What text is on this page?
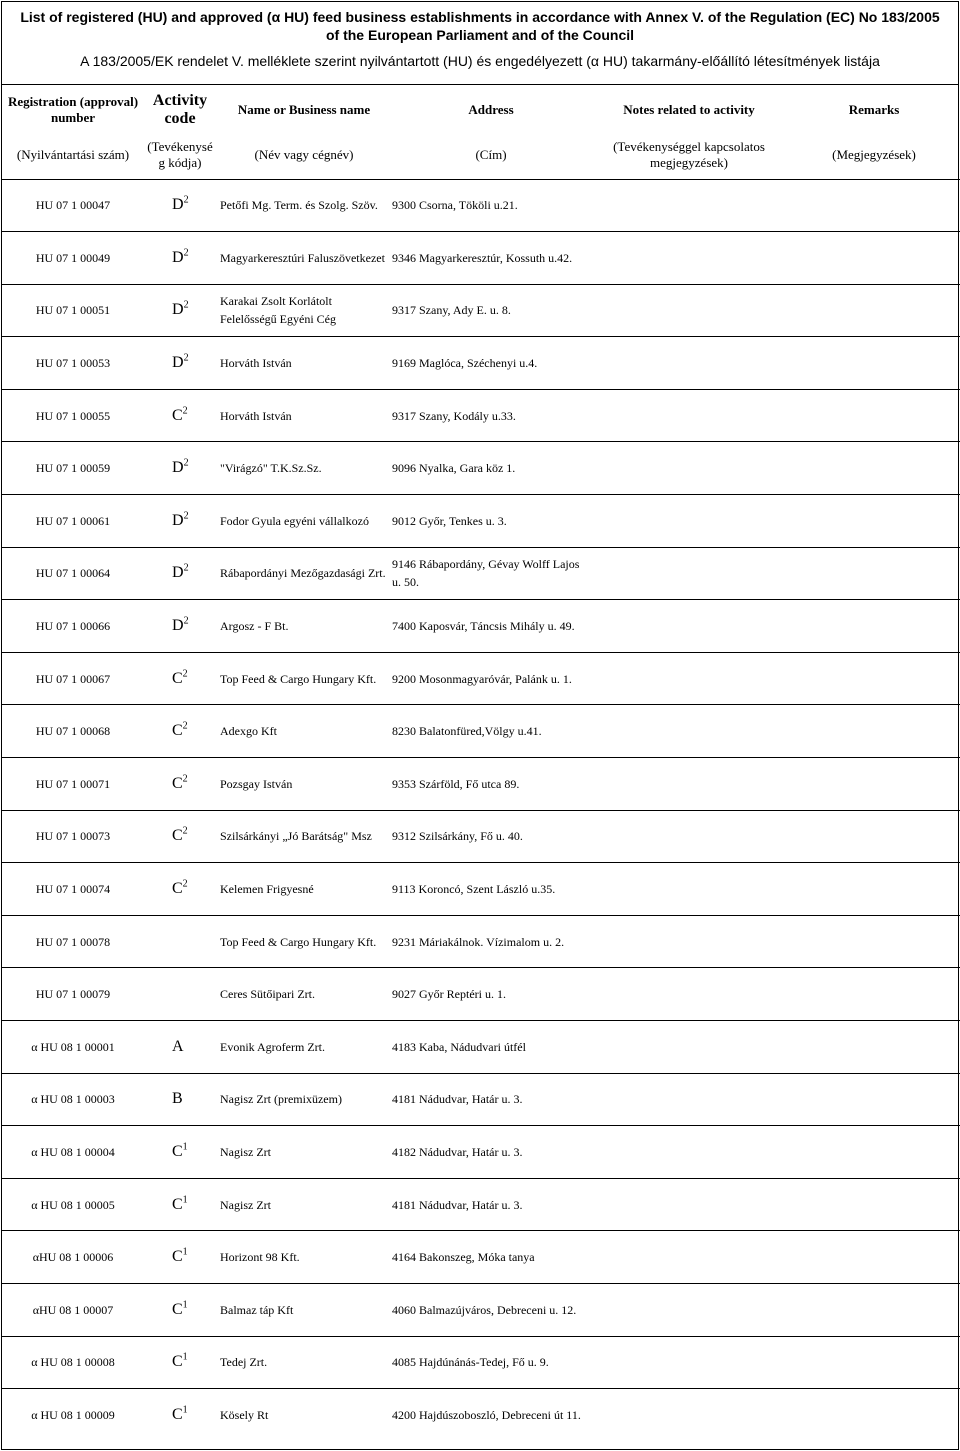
List of registered (HU) and approved (α HU) feed business establishments in accordance with Annex V. of the Regulation (EC) No 183/2005 of the European Parliament and of the Council
A 183/2005/EK rendelet V. melléklete szerint nyilvántartott (HU) és engedélyezett (α HU) takarmány-előállító létesítmények listája
Registration (approval) number	Activity code	Name or Business name	Address	Notes related to activity	Remarks
(Nyilvántartási szám)	(Tevékenysé g kódja)	(Név vagy cégnév)	(Cím)	(Tevékenységgel kapcsolatos megjegyzések)	(Megjegyzések)
HU 07 1 00047	$D^2$	Petőfi Mg. Term. és Szolg. Szöv.	9300 Csorna, Tököli u.21.		
HU 07 1 00049	$D^2$	Magyarkeresztúri Faluszövetkezet	9346 Magyarkeresztúr, Kossuth u.42.		
HU 07 1 00051	$D^2$	Karakai Zsolt Korlátolt Felelősségű Egyéni Cég	9317 Szany, Ady E. u. 8.		
HU 07 1 00053	$D^2$	Horváth István	9169 Maglóca, Széchenyi u.4.		
HU 07 1 00055	$C^2$	Horváth István	9317 Szany, Kodály u.33.		
HU 07 1 00059	$D^2$	"Virágzó" T.K.Sz.Sz.	9096 Nyalka, Gara köz 1.		
HU 07 1 00061	$D^2$	Fodor Gyula egyéni vállalkozó	9012 Győr, Tenkes u. 3.		
HU 07 1 00064	$D^2$	Rábapordányi Mezőgazdasági Zrt.	9146 Rábapordány, Gévay Wolff Lajos u. 50.		
HU 07 1 00066	$D^2$	Argosz - F Bt.	7400 Kaposvár, Táncsis Mihály u. 49.		
HU 07 1 00067	$C^2$	Top Feed & Cargo Hungary Kft.	9200 Mosonmagyaróvár, Palánk u. 1.		
HU 07 1 00068	$C^2$	Adexgo Kft	8230 Balatonfüred,Völgy u.41.		
HU 07 1 00071	$C^2$	Pozsgay István	9353 Szárföld, Fő utca 89.		
HU 07 1 00073	$C^2$	Szilsárkányi „Jó Barátság" Msz	9312 Szilsárkány, Fő u. 40.		
HU 07 1 00074	$C^2$	Kelemen Frigyesné	9113 Koroncó, Szent László u.35.		
HU 07 1 00078		Top Feed & Cargo Hungary Kft.	9231 Máriakálnok. Vízimalom u. 2.		
HU 07 1 00079		Ceres Sütőipari Zrt.	9027 Győr Reptéri u. 1.		
α HU 08 1 00001	A	Evonik Agroferm Zrt.	4183 Kaba, Nádudvari útfél		
α HU 08 1 00003	B	Nagisz Zrt (premixüzem)	4181 Nádudvar, Határ u. 3.		
α HU 08 1 00004	$C^1$	Nagisz Zrt	4182 Nádudvar, Határ u. 3.		
α HU 08 1 00005	$C^1$	Nagisz Zrt	4181 Nádudvar, Határ u. 3.		
αHU 08 1 00006	$C^1$	Horizont 98 Kft.	4164 Bakonszeg, Móka tanya		
αHU 08 1 00007	$C^1$	Balmaz táp Kft	4060 Balmazújváros, Debreceni u. 12.		
α HU 08 1 00008	$C^1$	Tedej Zrt.	4085 Hajdúnánás-Tedej, Fő u. 9.		
α HU 08 1 00009	$C^1$	Kösely Rt	4200 Hajdúszoboszló, Debreceni út 11.		
